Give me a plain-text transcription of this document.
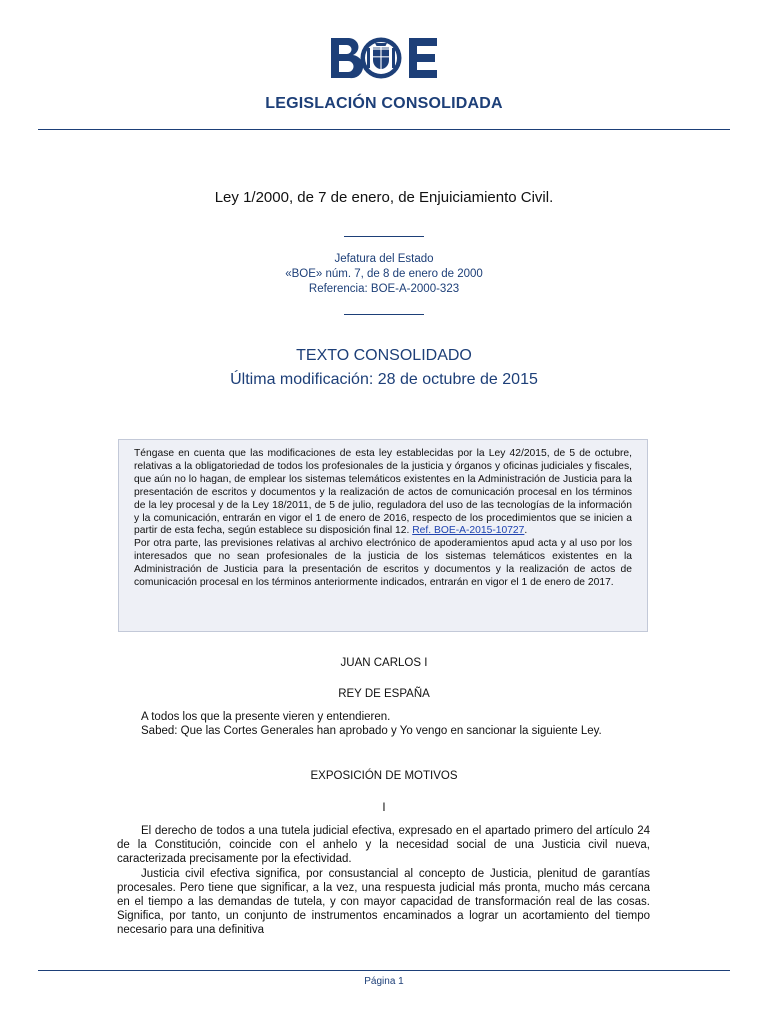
LEGISLACIÓN CONSOLIDADA
Ley 1/2000, de 7 de enero, de Enjuiciamiento Civil.
Jefatura del Estado
«BOE» núm. 7, de 8 de enero de 2000
Referencia: BOE-A-2000-323
TEXTO CONSOLIDADO
Última modificación: 28 de octubre de 2015

Téngase en cuenta que las modificaciones de esta ley establecidas por la Ley 42/2015, de 5 de octubre, relativas a la obligatoriedad de todos los profesionales de la justicia y órganos y oficinas judiciales y fiscales, que aún no lo hagan, de emplear los sistemas telemáticos existentes en la Administración de Justicia para la presentación de escritos y documentos y la realización de actos de comunicación procesal en los términos de la ley procesal y de la Ley 18/2011, de 5 de julio, reguladora del uso de las tecnologías de la información y la comunicación, entrarán en vigor el 1 de enero de 2016, respecto de los procedimientos que se inicien a partir de esta fecha, según establece su disposición final 12. Ref. BOE-A-2015-10727.

Por otra parte, las previsiones relativas al archivo electrónico de apoderamientos apud acta y al uso por los interesados que no sean profesionales de la justicia de los sistemas telemáticos existentes en la Administración de Justicia para la presentación de escritos y documentos y la realización de actos de comunicación procesal en los términos anteriormente indicados, entrarán en vigor el 1 de enero de 2017.

JUAN CARLOS I
REY DE ESPAÑA

A todos los que la presente vieren y entendieren.

Sabed: Que las Cortes Generales han aprobado y Yo vengo en sancionar la siguiente Ley.

EXPOSICIÓN DE MOTIVOS
I

El derecho de todos a una tutela judicial efectiva, expresado en el apartado primero del artículo 24 de la Constitución, coincide con el anhelo y la necesidad social de una Justicia civil nueva, caracterizada precisamente por la efectividad.

Justicia civil efectiva significa, por consustancial al concepto de Justicia, plenitud de garantías procesales. Pero tiene que significar, a la vez, una respuesta judicial más pronta, mucho más cercana en el tiempo a las demandas de tutela, y con mayor capacidad de transformación real de las cosas. Significa, por tanto, un conjunto de instrumentos encaminados a lograr un acortamiento del tiempo necesario para una definitiva

Página 1
